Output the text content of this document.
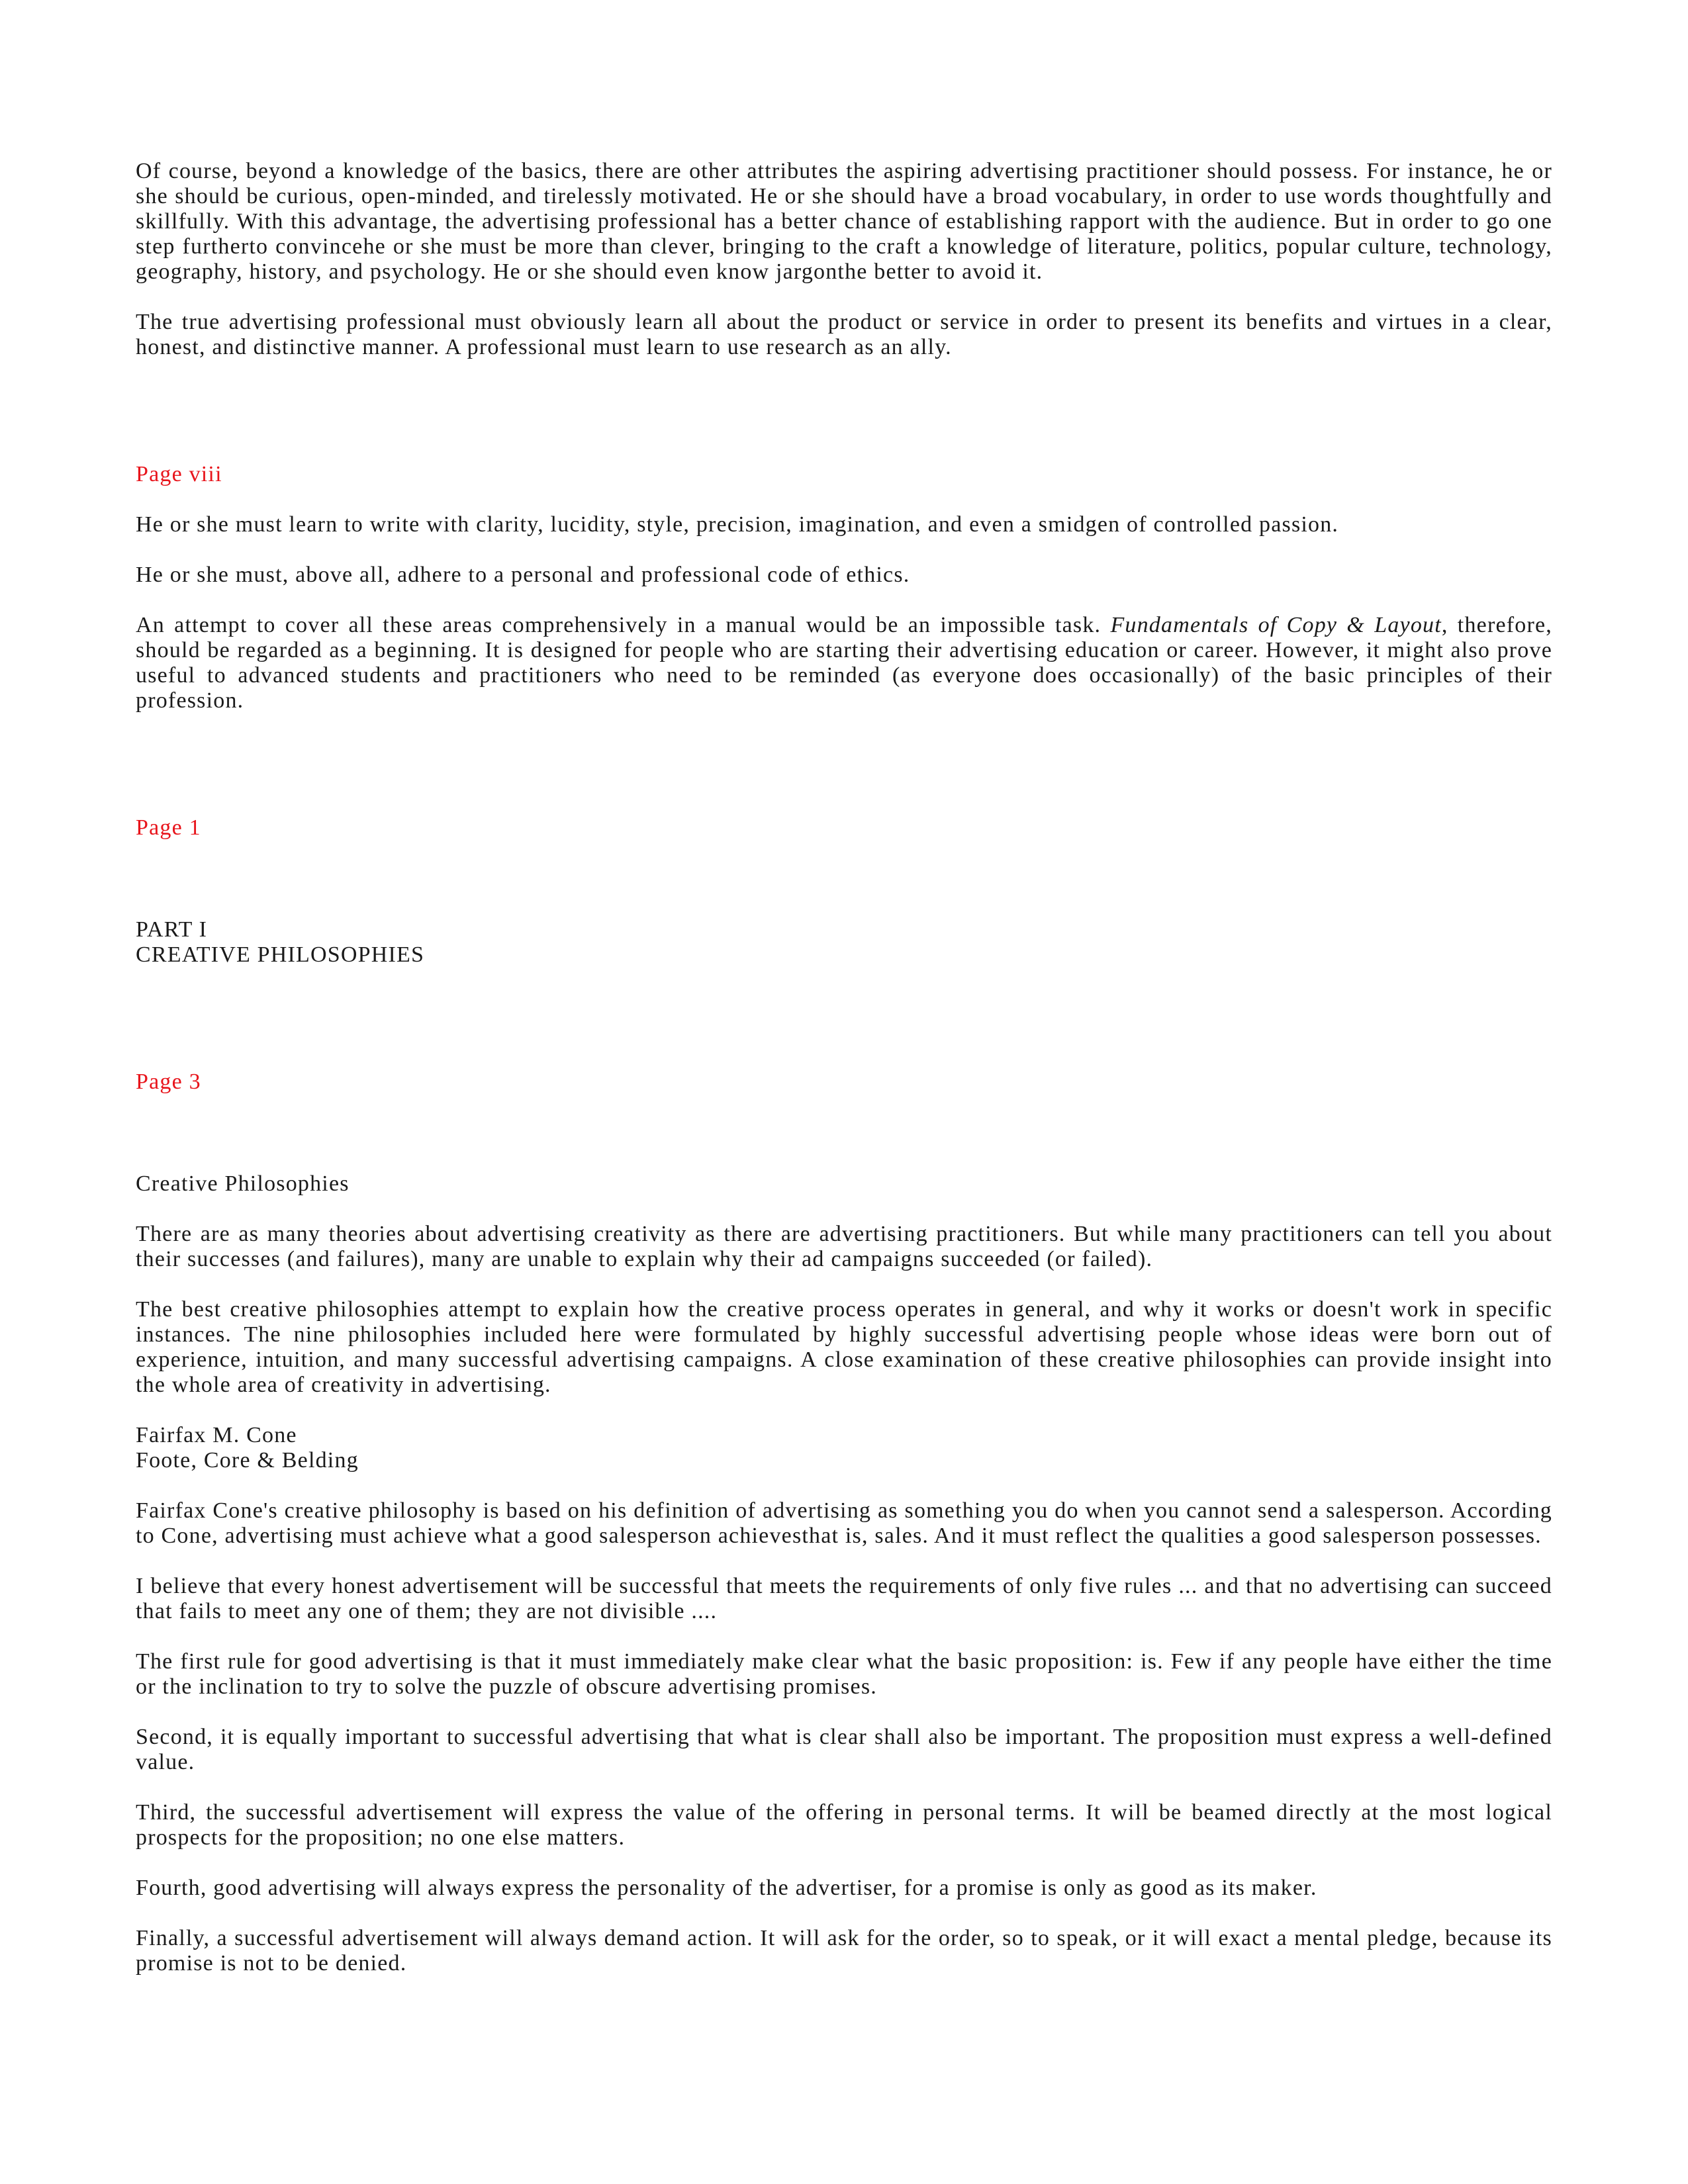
Of course, beyond a knowledge of the basics, there are other attributes the aspiring advertising practitioner should possess. For instance, he or she should be curious, open-minded, and tirelessly motivated. He or she should have a broad vocabulary, in order to use words thoughtfully and skillfully. With this advantage, the advertising professional has a better chance of establishing rapport with the audience. But in order to go one step furtherto convincehe or she must be more than clever, bringing to the craft a knowledge of literature, politics, popular culture, technology, geography, history, and psychology. He or she should even know jargonthe better to avoid it.

The true advertising professional must obviously learn all about the product or service in order to present its benefits and virtues in a clear, honest, and distinctive manner. A professional must learn to use research as an ally.

Page viii

He or she must learn to write with clarity, lucidity, style, precision, imagination, and even a smidgen of controlled passion.

He or she must, above all, adhere to a personal and professional code of ethics.

An attempt to cover all these areas comprehensively in a manual would be an impossible task. Fundamentals of Copy & Layout, therefore, should be regarded as a beginning. It is designed for people who are starting their advertising education or career. However, it might also prove useful to advanced students and practitioners who need to be reminded (as everyone does occasionally) of the basic principles of their profession.

Page 1

PART I
CREATIVE PHILOSOPHIES

Page 3

Creative Philosophies

There are as many theories about advertising creativity as there are advertising practitioners. But while many practitioners can tell you about their successes (and failures), many are unable to explain why their ad campaigns succeeded (or failed).

The best creative philosophies attempt to explain how the creative process operates in general, and why it works or doesn't work in specific instances. The nine philosophies included here were formulated by highly successful advertising people whose ideas were born out of experience, intuition, and many successful advertising campaigns. A close examination of these creative philosophies can provide insight into the whole area of creativity in advertising.

Fairfax M. Cone
Foote, Core & Belding

Fairfax Cone's creative philosophy is based on his definition of advertising as something you do when you cannot send a salesperson. According to Cone, advertising must achieve what a good salesperson achievesthat is, sales. And it must reflect the qualities a good salesperson possesses.

I believe that every honest advertisement will be successful that meets the requirements of only five rules ... and that no advertising can succeed that fails to meet any one of them; they are not divisible ....

The first rule for good advertising is that it must immediately make clear what the basic proposition: is. Few if any people have either the time or the inclination to try to solve the puzzle of obscure advertising promises.

Second, it is equally important to successful advertising that what is clear shall also be important. The proposition must express a well-defined value.

Third, the successful advertisement will express the value of the offering in personal terms. It will be beamed directly at the most logical prospects for the proposition; no one else matters.

Fourth, good advertising will always express the personality of the advertiser, for a promise is only as good as its maker.

Finally, a successful advertisement will always demand action. It will ask for the order, so to speak, or it will exact a mental pledge, because its promise is not to be denied.
